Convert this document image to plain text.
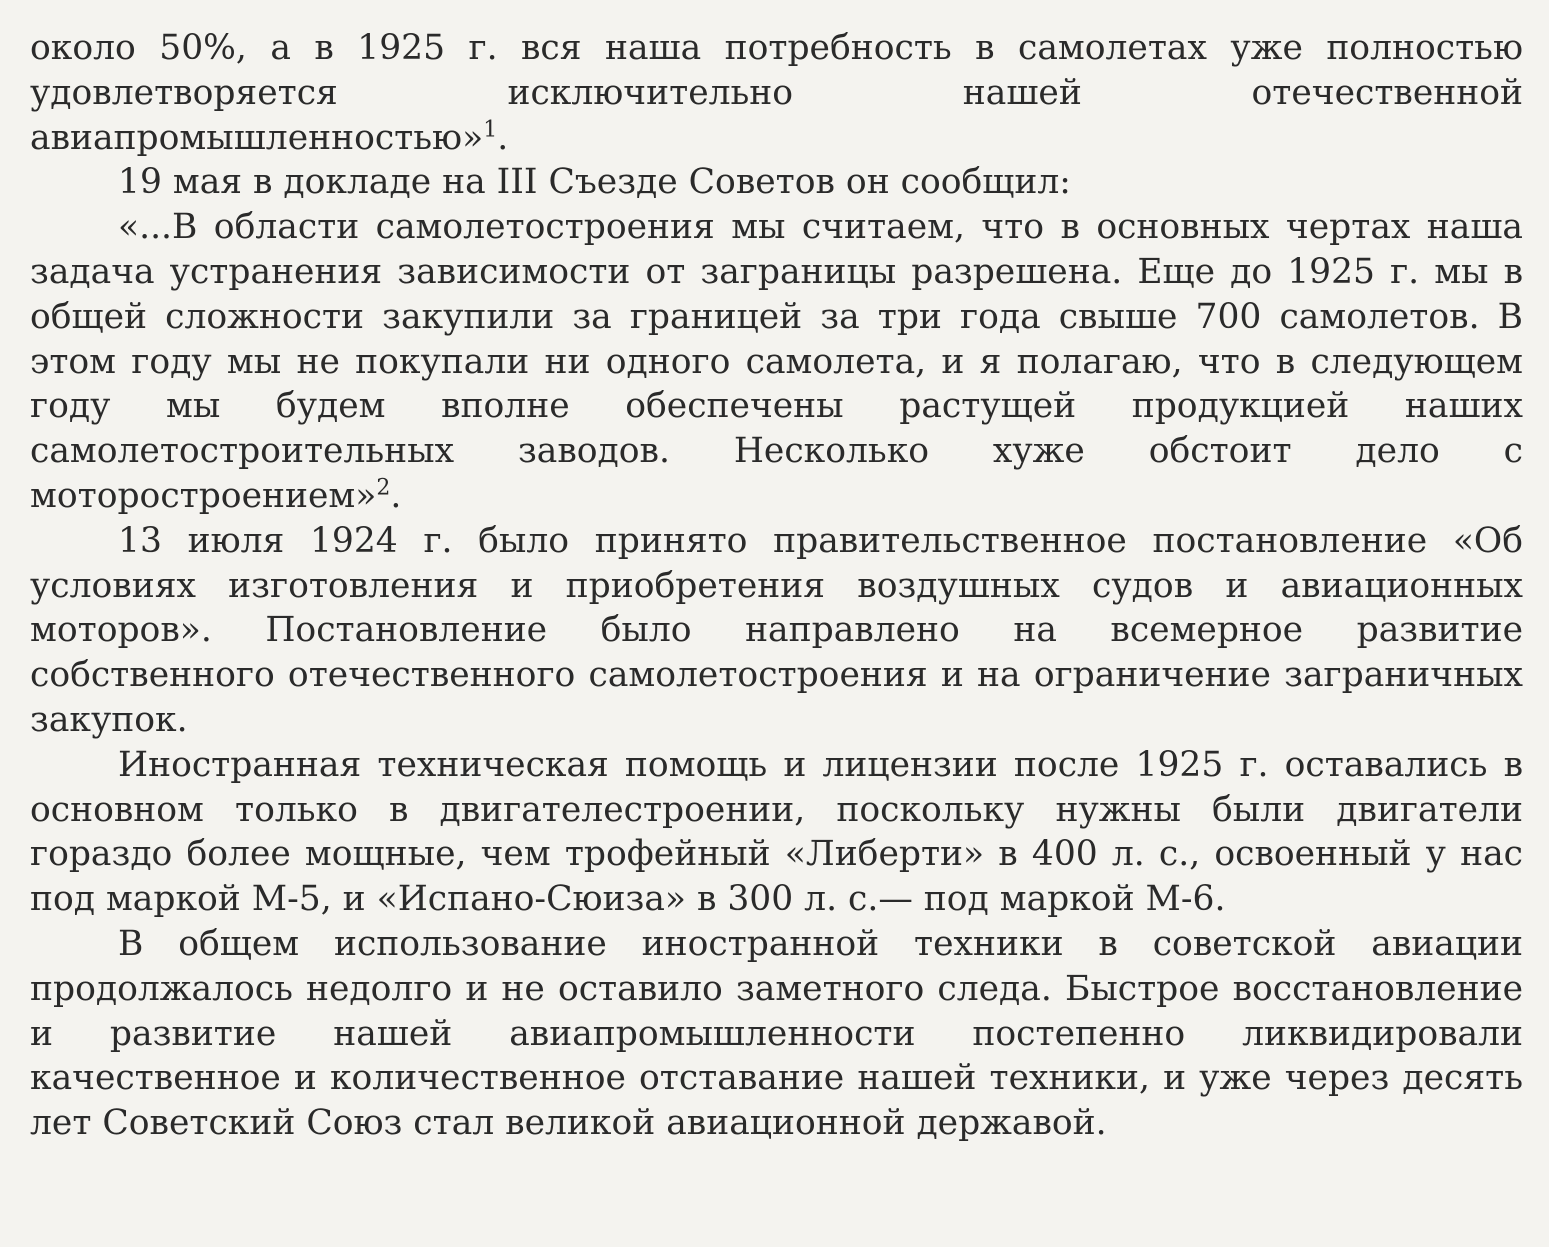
около 50%, а в 1925 г. вся наша потребность в самолетах уже полностью удовлетворяется исключительно нашей отечественной авиапромышленностью»$^1$.

19 мая в докладе на III Съезде Советов он сообщил:

«...В области самолетостроения мы считаем, что в основных чертах наша задача устранения зависимости от заграницы разрешена. Еще до 1925 г. мы в общей сложности закупили за границей за три года свыше 700 самолетов. В этом году мы не покупали ни одного самолета, и я полагаю, что в следующем году мы будем вполне обеспечены растущей продукцией наших самолетостроительных заводов. Несколько хуже обстоит дело с моторостроением»$^2$.

13 июля 1924 г. было принято правительственное постановление «Об условиях изготовления и приобретения воздушных судов и авиационных моторов». Постановление было направлено на всемерное развитие собственного отечественного самолетостроения и на ограничение заграничных закупок.

Иностранная техническая помощь и лицензии после 1925 г. оставались в основном только в двигателестроении, поскольку нужны были двигатели гораздо более мощные, чем трофейный «Либерти» в 400 л. с., освоенный у нас под маркой М-5, и «Испано-Сюиза» в 300 л. с.— под маркой М-6.

В общем использование иностранной техники в советской авиации продолжалось недолго и не оставило заметного следа. Быстрое восстановление и развитие нашей авиапромышленности постепенно ликвидировали качественное и количественное отставание нашей техники, и уже через десять лет Советский Союз стал великой авиационной державой.
